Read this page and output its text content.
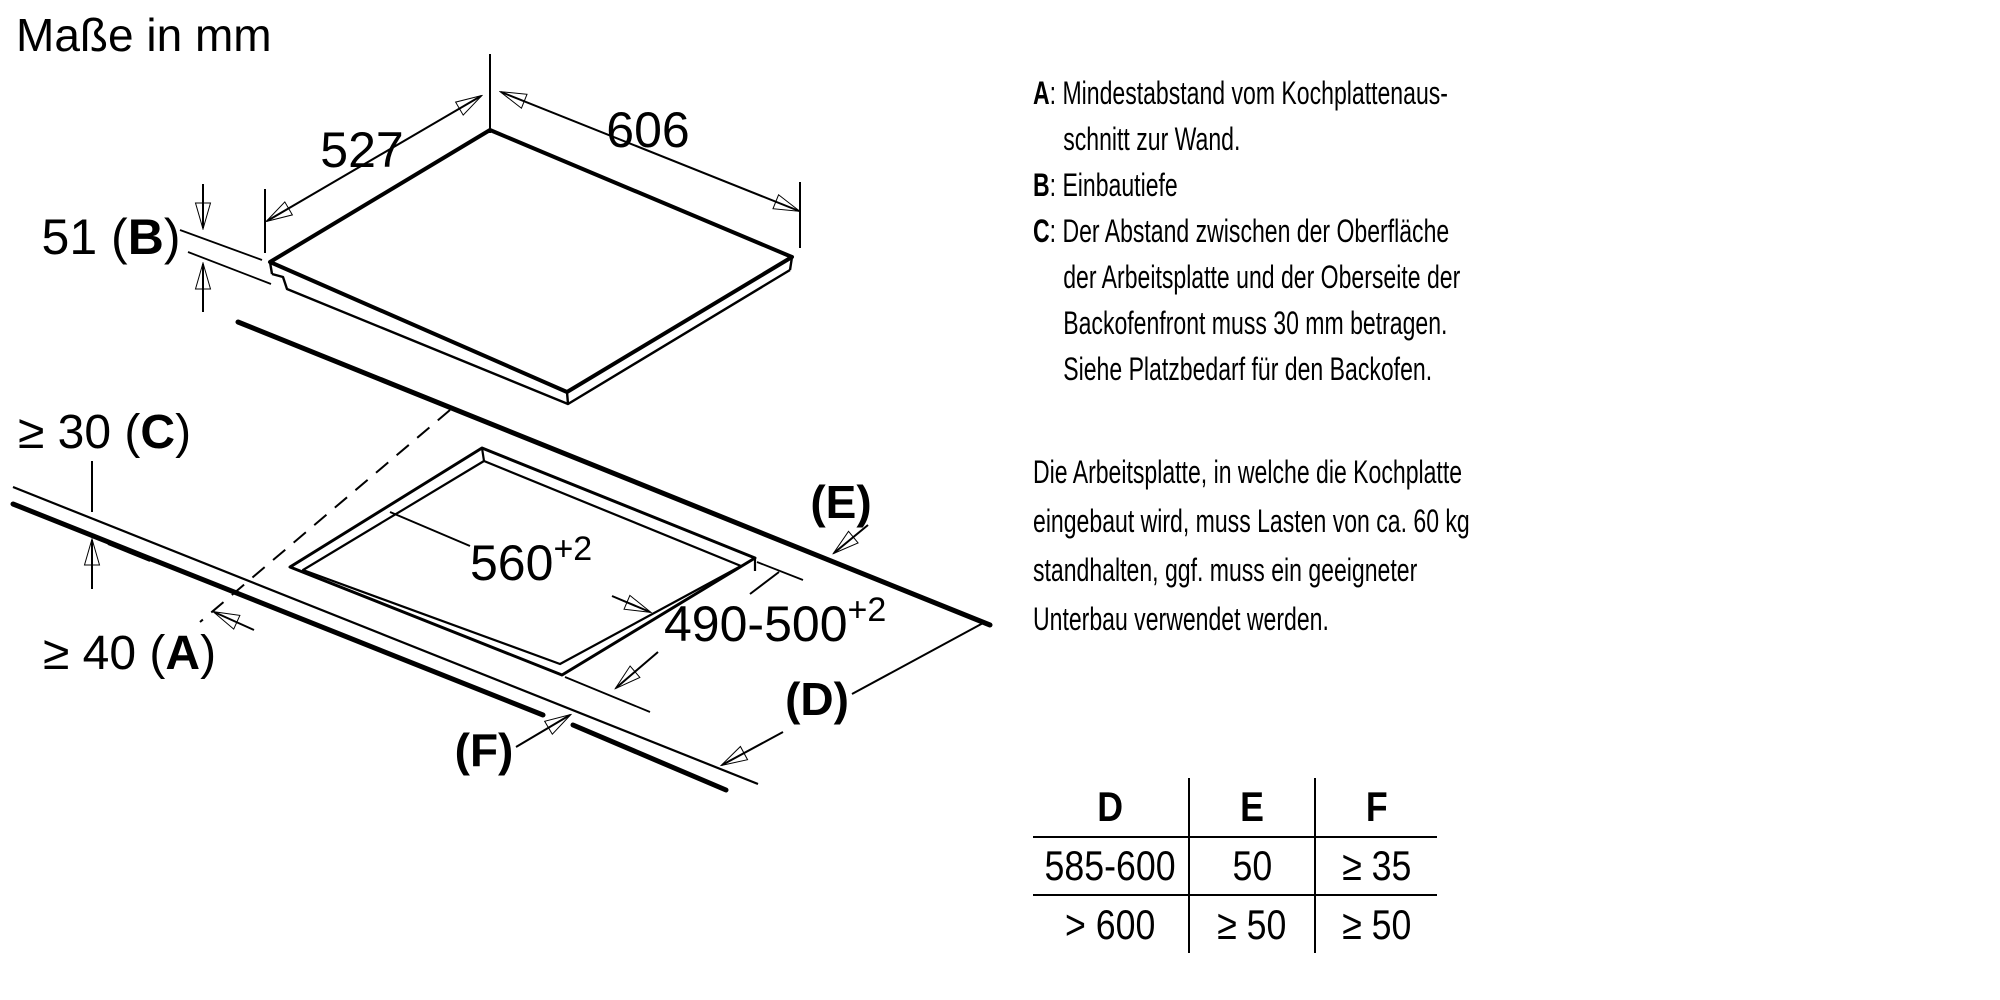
527	606
51 (B)
$560^{+2}$
$490-500^{+2}$
≥ 30 (C)
≥ 40 (A)
(E)
(D)
(F)
Maße in mm
A: Mindestabstand vom Kochplattenaus-
schnitt zur Wand.
B: Einbautiefe
C: Der Abstand zwischen der Oberfläche
der Arbeitsplatte und der Oberseite der
Backofenfront muss 30 mm betragen.
Siehe Platzbedarf für den Backofen.
Die Arbeitsplatte, in welche die Kochplatte
eingebaut wird, muss Lasten von ca. 60 kg
standhalten, ggf. muss ein geeigneter
Unterbau verwendet werden.
D	E	F
585-600	50	≥ 35
> 600	≥ 50	≥ 50
